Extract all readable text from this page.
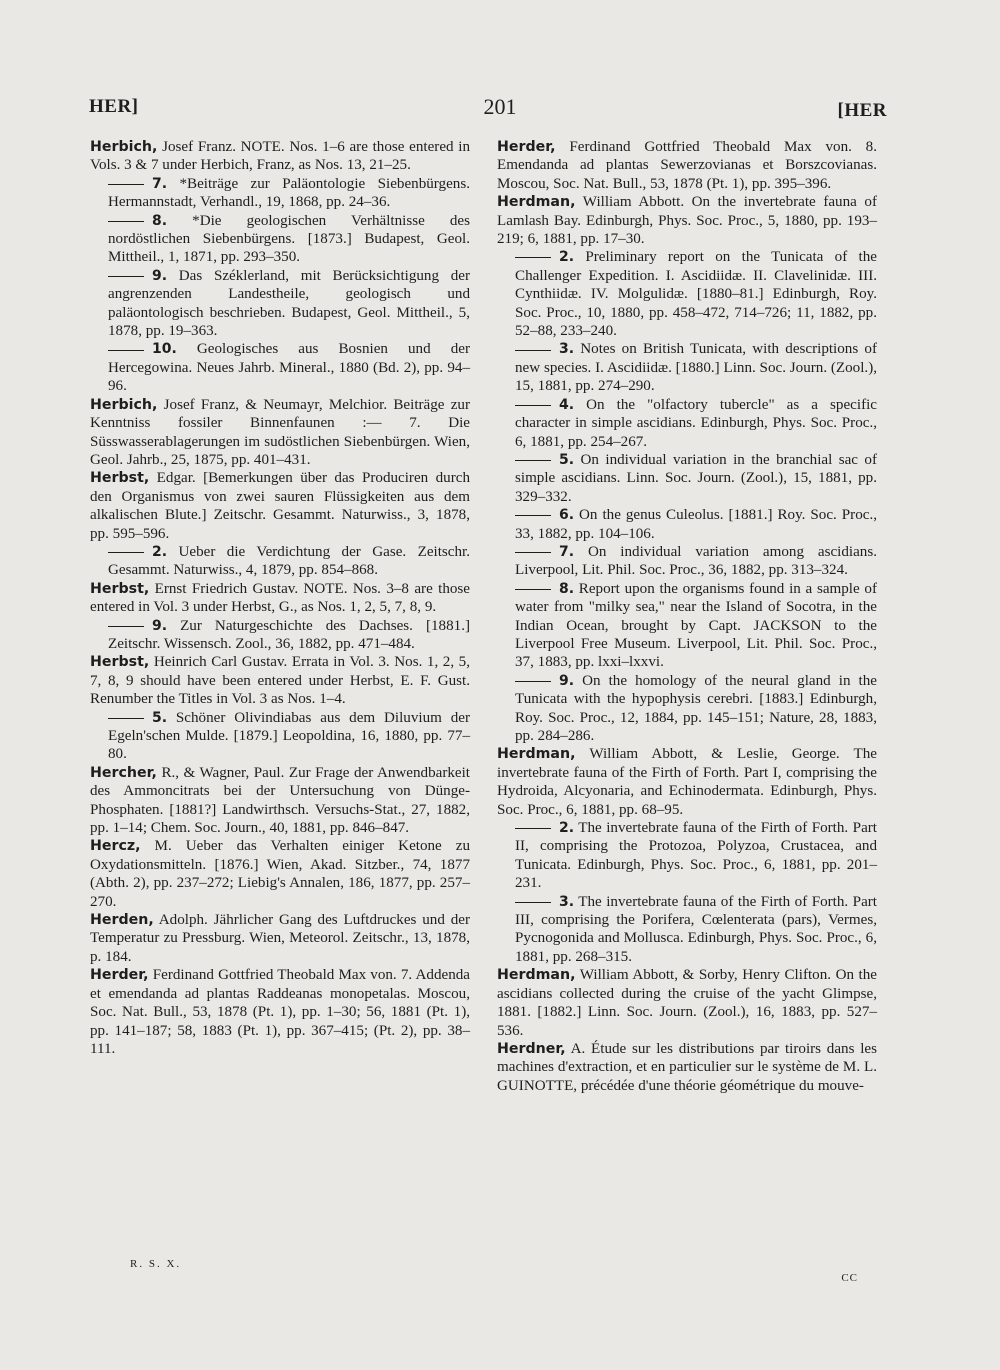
HER]	201	[HER

Herbich, Josef Franz. NOTE. Nos. 1–6 are those entered in Vols. 3 & 7 under Herbich, Franz, as Nos. 13, 21–25.

7. *Beiträge zur Paläontologie Siebenbürgens. Hermannstadt, Verhandl., 19, 1868, pp. 24–36.

8. *Die geologischen Verhältnisse des nordöstlichen Siebenbürgens. [1873.] Budapest, Geol. Mittheil., 1, 1871, pp. 293–350.

9. Das Széklerland, mit Berücksichtigung der angrenzenden Landestheile, geologisch und paläontologisch beschrieben. Budapest, Geol. Mittheil., 5, 1878, pp. 19–363.

10. Geologisches aus Bosnien und der Hercegowina. Neues Jahrb. Mineral., 1880 (Bd. 2), pp. 94–96.

Herbich, Josef Franz, & Neumayr, Melchior. Beiträge zur Kenntniss fossiler Binnenfaunen :— 7. Die Süsswasserablagerungen im sudöstlichen Siebenbürgen. Wien, Geol. Jahrb., 25, 1875, pp. 401–431.

Herbst, Edgar. [Bemerkungen über das Produciren durch den Organismus von zwei sauren Flüssigkeiten aus dem alkalischen Blute.] Zeitschr. Gesammt. Naturwiss., 3, 1878, pp. 595–596.

2. Ueber die Verdichtung der Gase. Zeitschr. Gesammt. Naturwiss., 4, 1879, pp. 854–868.

Herbst, Ernst Friedrich Gustav. NOTE. Nos. 3–8 are those entered in Vol. 3 under Herbst, G., as Nos. 1, 2, 5, 7, 8, 9.

9. Zur Naturgeschichte des Dachses. [1881.] Zeitschr. Wissensch. Zool., 36, 1882, pp. 471–484.

Herbst, Heinrich Carl Gustav. Errata in Vol. 3. Nos. 1, 2, 5, 7, 8, 9 should have been entered under Herbst, E. F. Gust. Renumber the Titles in Vol. 3 as Nos. 1–4.

5. Schöner Olivindiabas aus dem Diluvium der Egeln'schen Mulde. [1879.] Leopoldina, 16, 1880, pp. 77–80.

Hercher, R., & Wagner, Paul. Zur Frage der Anwendbarkeit des Ammoncitrats bei der Untersuchung von Dünge-Phosphaten. [1881?] Landwirthsch. Versuchs-Stat., 27, 1882, pp. 1–14; Chem. Soc. Journ., 40, 1881, pp. 846–847.

Hercz, M. Ueber das Verhalten einiger Ketone zu Oxydationsmitteln. [1876.] Wien, Akad. Sitzber., 74, 1877 (Abth. 2), pp. 237–272; Liebig's Annalen, 186, 1877, pp. 257–270.

Herden, Adolph. Jährlicher Gang des Luftdruckes und der Temperatur zu Pressburg. Wien, Meteorol. Zeitschr., 13, 1878, p. 184.

Herder, Ferdinand Gottfried Theobald Max von. 7. Addenda et emendanda ad plantas Raddeanas monopetalas. Moscou, Soc. Nat. Bull., 53, 1878 (Pt. 1), pp. 1–30; 56, 1881 (Pt. 1), pp. 141–187; 58, 1883 (Pt. 1), pp. 367–415; (Pt. 2), pp. 38–111.

Herder, Ferdinand Gottfried Theobald Max von. 8. Emendanda ad plantas Sewerzovianas et Borszcovianas. Moscou, Soc. Nat. Bull., 53, 1878 (Pt. 1), pp. 395–396.

Herdman, William Abbott. On the invertebrate fauna of Lamlash Bay. Edinburgh, Phys. Soc. Proc., 5, 1880, pp. 193–219; 6, 1881, pp. 17–30.

2. Preliminary report on the Tunicata of the Challenger Expedition. I. Ascidiidæ. II. Clavelinidæ. III. Cynthiidæ. IV. Molgulidæ. [1880–81.] Edinburgh, Roy. Soc. Proc., 10, 1880, pp. 458–472, 714–726; 11, 1882, pp. 52–88, 233–240.

3. Notes on British Tunicata, with descriptions of new species. I. Ascidiidæ. [1880.] Linn. Soc. Journ. (Zool.), 15, 1881, pp. 274–290.

4. On the "olfactory tubercle" as a specific character in simple ascidians. Edinburgh, Phys. Soc. Proc., 6, 1881, pp. 254–267.

5. On individual variation in the branchial sac of simple ascidians. Linn. Soc. Journ. (Zool.), 15, 1881, pp. 329–332.

6. On the genus Culeolus. [1881.] Roy. Soc. Proc., 33, 1882, pp. 104–106.

7. On individual variation among ascidians. Liverpool, Lit. Phil. Soc. Proc., 36, 1882, pp. 313–324.

8. Report upon the organisms found in a sample of water from "milky sea," near the Island of Socotra, in the Indian Ocean, brought by Capt. JACKSON to the Liverpool Free Museum. Liverpool, Lit. Phil. Soc. Proc., 37, 1883, pp. lxxi–lxxvi.

9. On the homology of the neural gland in the Tunicata with the hypophysis cerebri. [1883.] Edinburgh, Roy. Soc. Proc., 12, 1884, pp. 145–151; Nature, 28, 1883, pp. 284–286.

Herdman, William Abbott, & Leslie, George. The invertebrate fauna of the Firth of Forth. Part I, comprising the Hydroida, Alcyonaria, and Echinodermata. Edinburgh, Phys. Soc. Proc., 6, 1881, pp. 68–95.

2. The invertebrate fauna of the Firth of Forth. Part II, comprising the Protozoa, Polyzoa, Crustacea, and Tunicata. Edinburgh, Phys. Soc. Proc., 6, 1881, pp. 201–231.

3. The invertebrate fauna of the Firth of Forth. Part III, comprising the Porifera, Cœlenterata (pars), Vermes, Pycnogonida and Mollusca. Edinburgh, Phys. Soc. Proc., 6, 1881, pp. 268–315.

Herdman, William Abbott, & Sorby, Henry Clifton. On the ascidians collected during the cruise of the yacht Glimpse, 1881. [1882.] Linn. Soc. Journ. (Zool.), 16, 1883, pp. 527–536.

Herdner, A. Étude sur les distributions par tiroirs dans les machines d'extraction, et en particulier sur le système de M. L. GUINOTTE, précédée d'une théorie géométrique du mouve-

R. S. X.
CC
